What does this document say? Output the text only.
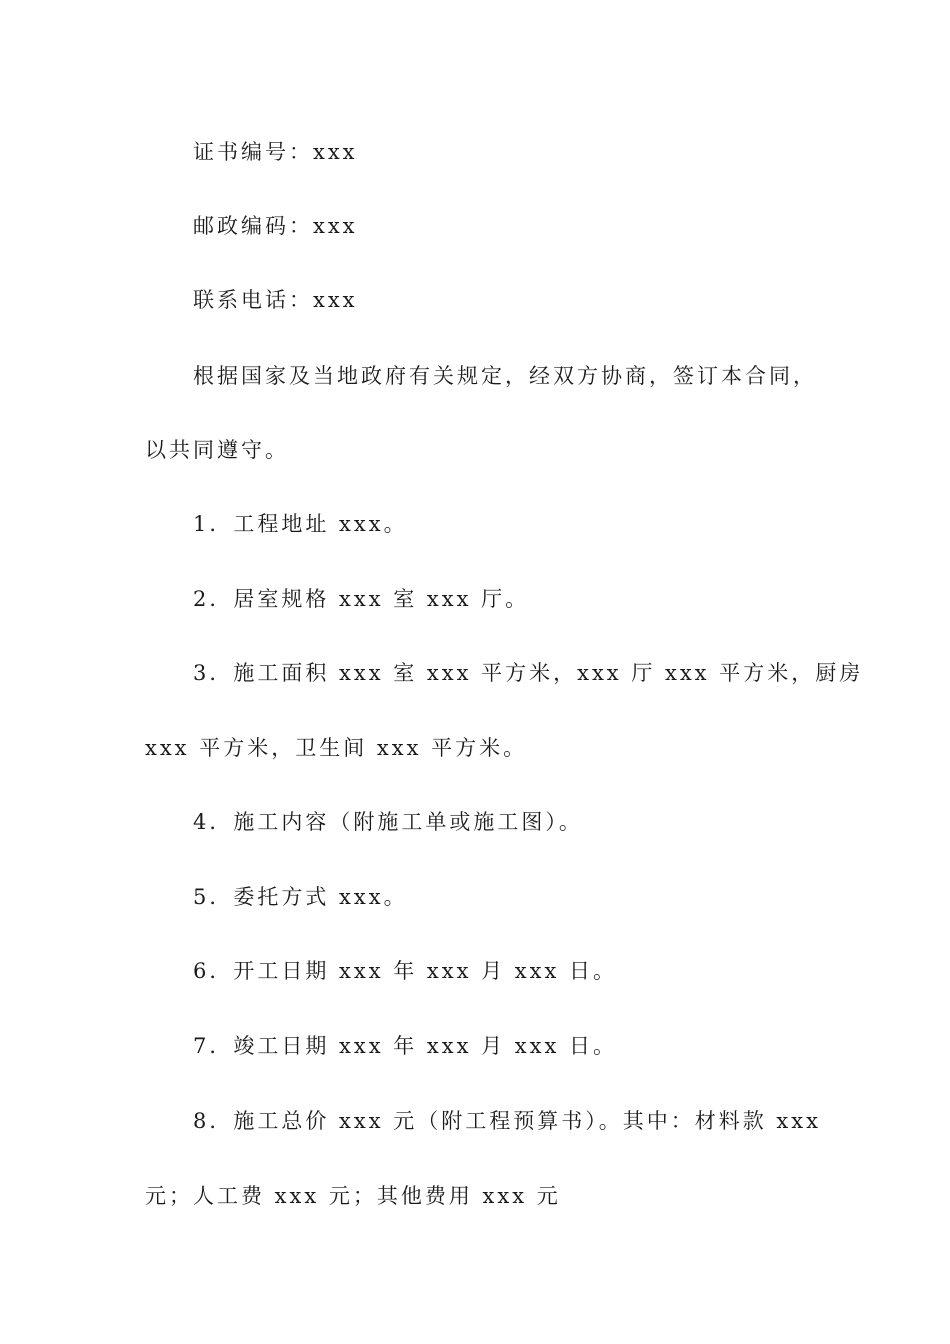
证书编号：xxx
邮政编码：xxx
联系电话：xxx
根据国家及当地政府有关规定，经双方协商，签订本合同，
以共同遵守。
1．工程地址 xxx。
2．居室规格 xxx 室 xxx 厅。
3．施工面积 xxx 室 xxx 平方米，xxx 厅 xxx 平方米，厨房
xxx 平方米，卫生间 xxx 平方米。
4．施工内容（附施工单或施工图）。
5．委托方式 xxx。
6．开工日期 xxx 年 xxx 月 xxx 日。
7．竣工日期 xxx 年 xxx 月 xxx 日。
8．施工总价 xxx 元（附工程预算书）。其中：材料款 xxx
元；人工费 xxx 元；其他费用 xxx 元
